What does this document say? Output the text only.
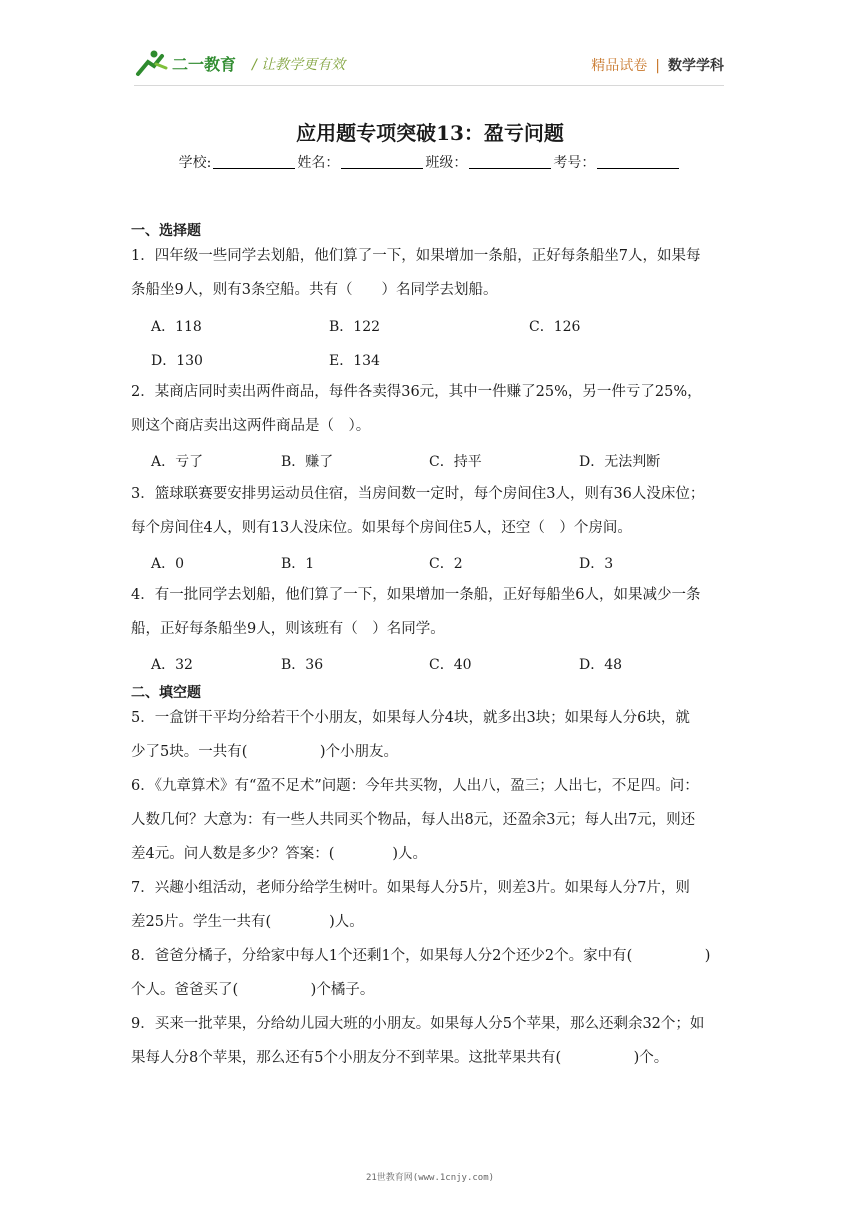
二一教育 / 让教学更有效	精品试卷 | 数学学科
应用题专项突破13：盈亏问题
学校:	姓名：	班级：	考号：
一、选择题
1．四年级一些同学去划船，他们算了一下，如果增加一条船，正好每条船坐7人，如果每
条船坐9人，则有3条空船。共有（　　）名同学去划船。
A．118	B．122	C．126
D．130	E．134
2．某商店同时卖出两件商品，每件各卖得36元，其中一件赚了25%，另一件亏了25%，
则这个商店卖出这两件商品是（　）。
A．亏了	B．赚了	C．持平	D．无法判断
3．篮球联赛要安排男运动员住宿，当房间数一定时，每个房间住3人，则有36人没床位；
每个房间住4人，则有13人没床位。如果每个房间住5人，还空（　）个房间。
A．0	B．1	C．2	D．3
4．有一批同学去划船，他们算了一下，如果增加一条船，正好每船坐6人，如果减少一条
船，正好每条船坐9人，则该班有（　）名同学。
A．32	B．36	C．40	D．48
二、填空题
5．一盒饼干平均分给若干个小朋友，如果每人分4块，就多出3块；如果每人分6块，就
少了5块。一共有(　　　　　)个小朋友。
6．《九章算术》有“盈不足术”问题：今年共买物，人出八，盈三；人出七，不足四。问：
人数几何？大意为：有一些人共同买个物品，每人出8元，还盈余3元；每人出7元，则还
差4元。问人数是多少？答案：(　　　　)人。
7．兴趣小组活动，老师分给学生树叶。如果每人分5片，则差3片。如果每人分7片，则
差25片。学生一共有(　　　　)人。
8．爸爸分橘子，分给家中每人1个还剩1个，如果每人分2个还少2个。家中有(　　　　　)
个人。爸爸买了(　　　　　)个橘子。
9．买来一批苹果，分给幼儿园大班的小朋友。如果每人分5个苹果，那么还剩余32个；如
果每人分8个苹果，那么还有5个小朋友分不到苹果。这批苹果共有(　　　　　)个。
21世教育网(www.1cnjy.com)
